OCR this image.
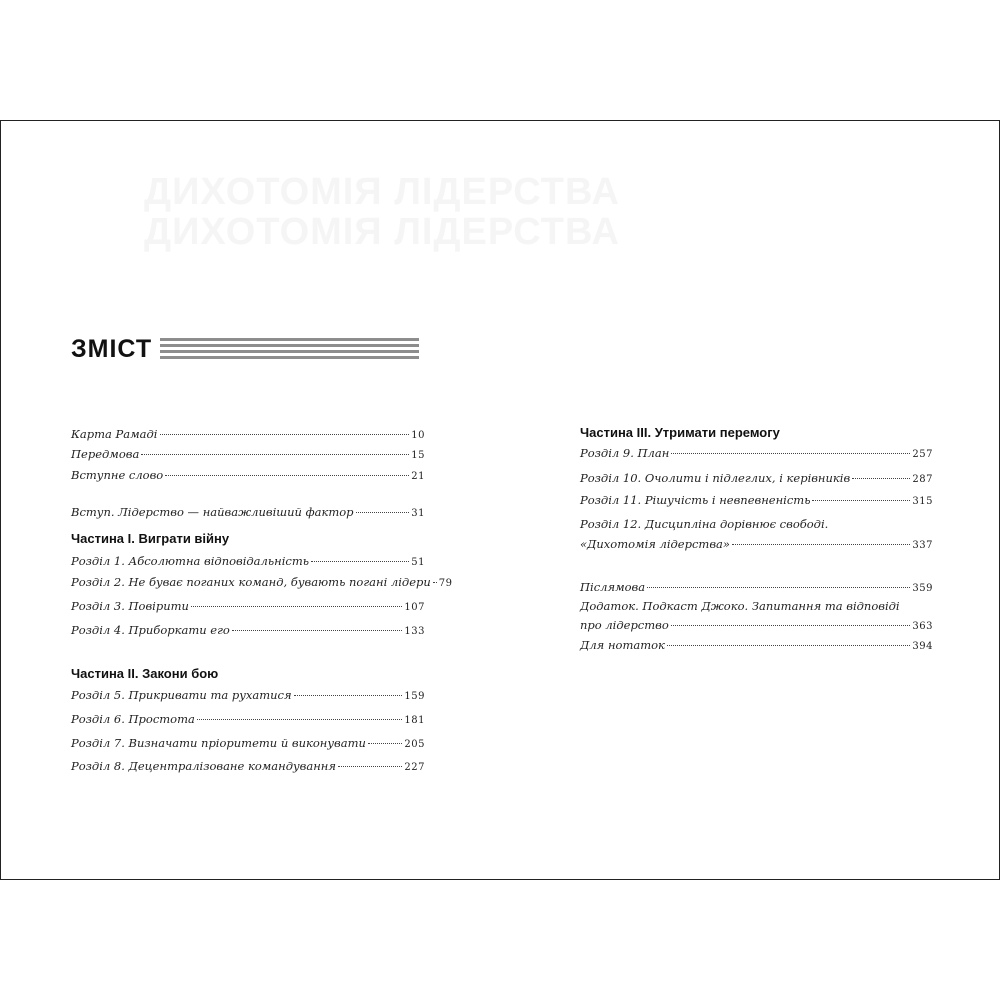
ДИХОТОМІЯ ЛІДЕРСТВА
ДИХОТОМІЯ ЛІДЕРСТВА
ЗМІСТ
Карта Рамаді	10
Передмова	15
Вступне слово	21
Вступ. Лідерство — найважливіший фактор	31
Частина I. Виграти війну
Розділ 1. Абсолютна відповідальність	51
Розділ 2. Не буває поганих команд, бувають погані лідери 79
Розділ 3. Повірити	107
Розділ 4. Приборкати его	133
Частина II. Закони бою
Розділ 5. Прикривати та рухатися	159
Розділ 6. Простота	181
Розділ 7. Визначати пріоритети й виконувати	205
Розділ 8. Децентралізоване командування	227
Частина III. Утримати перемогу
Розділ 9. План	257
Розділ 10. Очолити і підлеглих, і керівників	287
Розділ 11. Рішучість і невпевненість	315
Розділ 12. Дисципліна дорівнює свободі.
«Дихотомія лідерства»	337
Післямова	359
Додаток. Подкаст Джоко. Запитання та відповіді
про лідерство	363
Для нотаток	394
